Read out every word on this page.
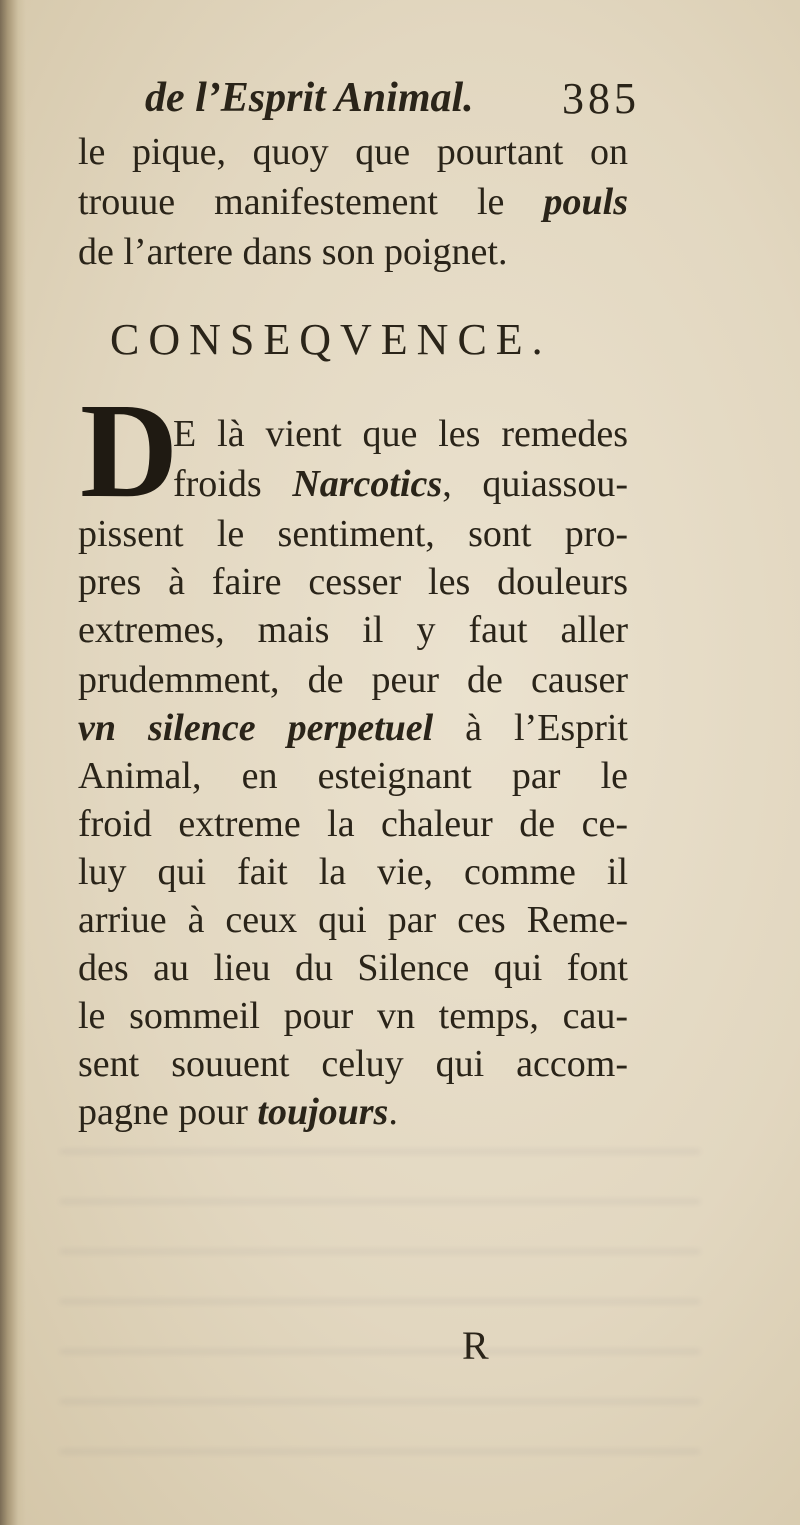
de l’Esprit Animal. 385
le pique, quoy que pourtant on
trouue manifestement le pouls
de l’artere dans son poignet.
CONSEQVENCE.
D
E là vient que les remedes
froids Narcotics, quiassou-
pissent le sentiment, sont pro-
pres à faire cesser les douleurs
extremes, mais il y faut aller
prudemment, de peur de causer
vn silence perpetuel à l’Esprit
Animal, en esteignant par le
froid extreme la chaleur de ce-
luy qui fait la vie, comme il
arriue à ceux qui par ces Reme-
des au lieu du Silence qui font
le sommeil pour vn temps, cau-
sent souuent celuy qui accom-
pagne pour toujours.
R
